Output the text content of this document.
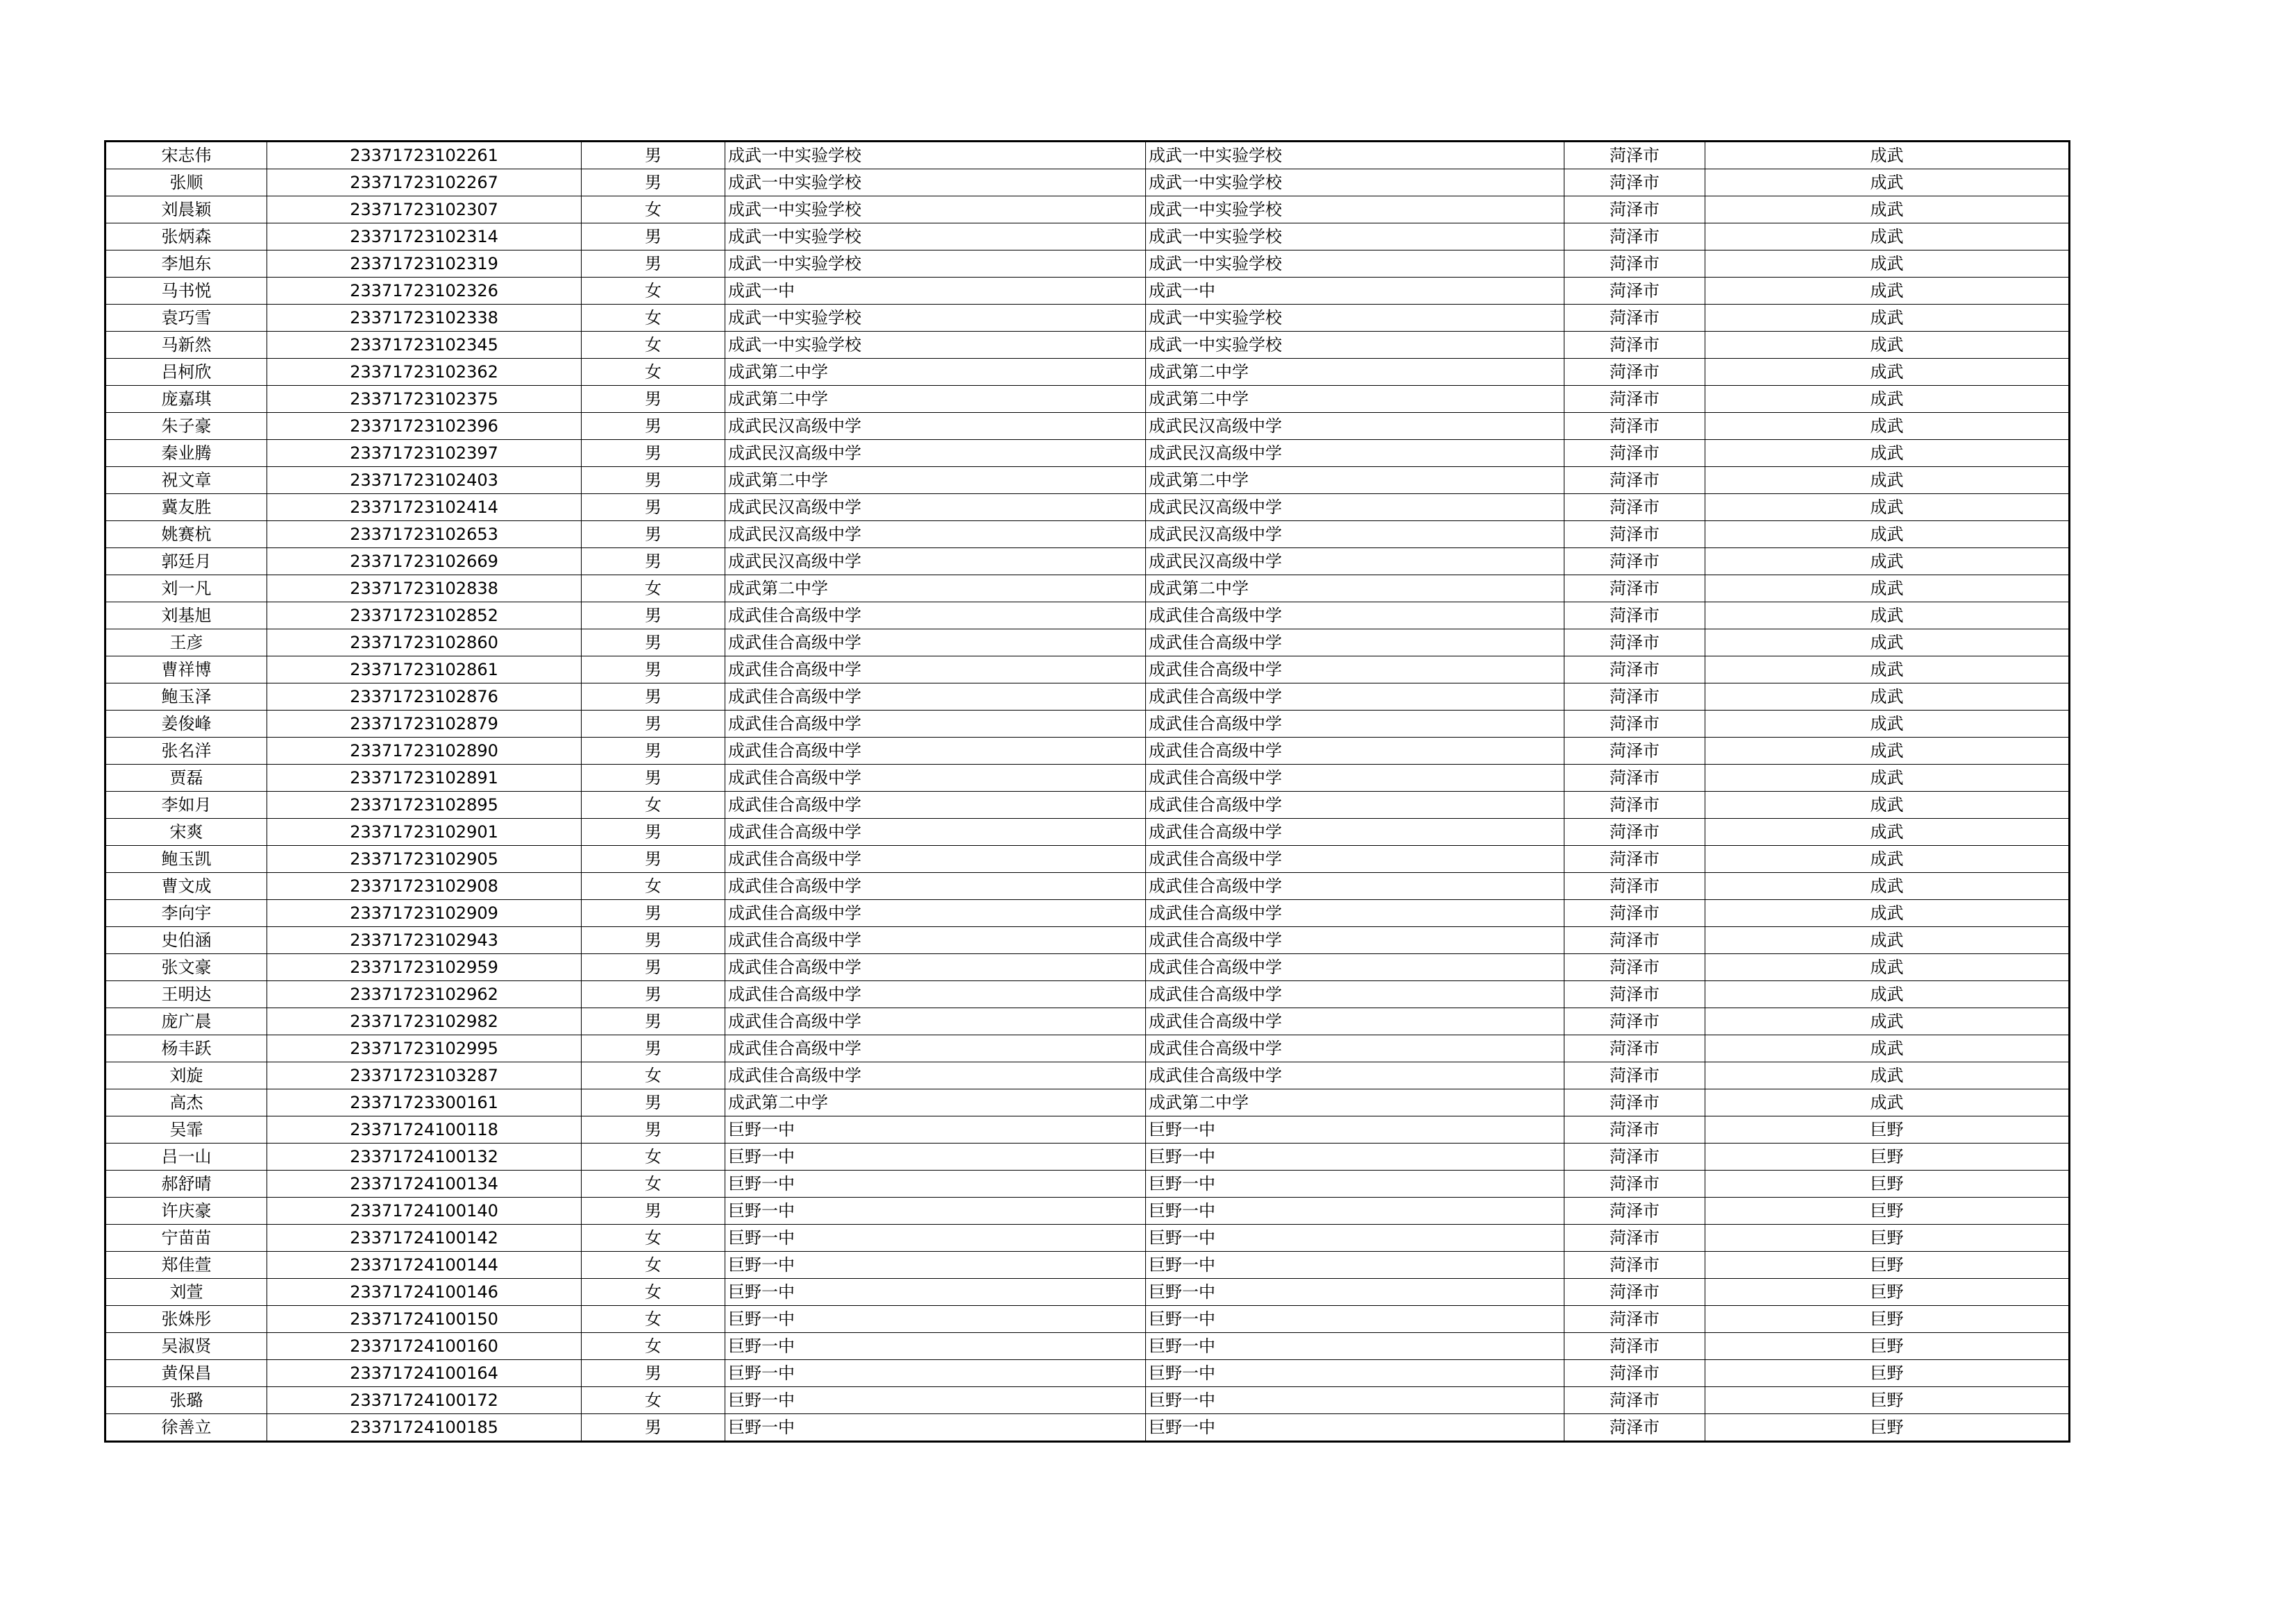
宋志伟	23371723102261	男	成武一中实验学校	成武一中实验学校	菏泽市	成武
张顺	23371723102267	男	成武一中实验学校	成武一中实验学校	菏泽市	成武
刘晨颖	23371723102307	女	成武一中实验学校	成武一中实验学校	菏泽市	成武
张炳森	23371723102314	男	成武一中实验学校	成武一中实验学校	菏泽市	成武
李旭东	23371723102319	男	成武一中实验学校	成武一中实验学校	菏泽市	成武
马书悦	23371723102326	女	成武一中	成武一中	菏泽市	成武
袁巧雪	23371723102338	女	成武一中实验学校	成武一中实验学校	菏泽市	成武
马新然	23371723102345	女	成武一中实验学校	成武一中实验学校	菏泽市	成武
吕柯欣	23371723102362	女	成武第二中学	成武第二中学	菏泽市	成武
庞嘉琪	23371723102375	男	成武第二中学	成武第二中学	菏泽市	成武
朱子豪	23371723102396	男	成武民汉高级中学	成武民汉高级中学	菏泽市	成武
秦业腾	23371723102397	男	成武民汉高级中学	成武民汉高级中学	菏泽市	成武
祝文章	23371723102403	男	成武第二中学	成武第二中学	菏泽市	成武
冀友胜	23371723102414	男	成武民汉高级中学	成武民汉高级中学	菏泽市	成武
姚赛杭	23371723102653	男	成武民汉高级中学	成武民汉高级中学	菏泽市	成武
郭廷月	23371723102669	男	成武民汉高级中学	成武民汉高级中学	菏泽市	成武
刘一凡	23371723102838	女	成武第二中学	成武第二中学	菏泽市	成武
刘基旭	23371723102852	男	成武佳合高级中学	成武佳合高级中学	菏泽市	成武
王彦	23371723102860	男	成武佳合高级中学	成武佳合高级中学	菏泽市	成武
曹祥博	23371723102861	男	成武佳合高级中学	成武佳合高级中学	菏泽市	成武
鲍玉泽	23371723102876	男	成武佳合高级中学	成武佳合高级中学	菏泽市	成武
姜俊峰	23371723102879	男	成武佳合高级中学	成武佳合高级中学	菏泽市	成武
张名洋	23371723102890	男	成武佳合高级中学	成武佳合高级中学	菏泽市	成武
贾磊	23371723102891	男	成武佳合高级中学	成武佳合高级中学	菏泽市	成武
李如月	23371723102895	女	成武佳合高级中学	成武佳合高级中学	菏泽市	成武
宋爽	23371723102901	男	成武佳合高级中学	成武佳合高级中学	菏泽市	成武
鲍玉凯	23371723102905	男	成武佳合高级中学	成武佳合高级中学	菏泽市	成武
曹文成	23371723102908	女	成武佳合高级中学	成武佳合高级中学	菏泽市	成武
李向宇	23371723102909	男	成武佳合高级中学	成武佳合高级中学	菏泽市	成武
史伯涵	23371723102943	男	成武佳合高级中学	成武佳合高级中学	菏泽市	成武
张文豪	23371723102959	男	成武佳合高级中学	成武佳合高级中学	菏泽市	成武
王明达	23371723102962	男	成武佳合高级中学	成武佳合高级中学	菏泽市	成武
庞广晨	23371723102982	男	成武佳合高级中学	成武佳合高级中学	菏泽市	成武
杨丰跃	23371723102995	男	成武佳合高级中学	成武佳合高级中学	菏泽市	成武
刘旋	23371723103287	女	成武佳合高级中学	成武佳合高级中学	菏泽市	成武
高杰	23371723300161	男	成武第二中学	成武第二中学	菏泽市	成武
吴霏	23371724100118	男	巨野一中	巨野一中	菏泽市	巨野
吕一山	23371724100132	女	巨野一中	巨野一中	菏泽市	巨野
郝舒晴	23371724100134	女	巨野一中	巨野一中	菏泽市	巨野
许庆豪	23371724100140	男	巨野一中	巨野一中	菏泽市	巨野
宁苗苗	23371724100142	女	巨野一中	巨野一中	菏泽市	巨野
郑佳萱	23371724100144	女	巨野一中	巨野一中	菏泽市	巨野
刘萱	23371724100146	女	巨野一中	巨野一中	菏泽市	巨野
张姝彤	23371724100150	女	巨野一中	巨野一中	菏泽市	巨野
吴淑贤	23371724100160	女	巨野一中	巨野一中	菏泽市	巨野
黄保昌	23371724100164	男	巨野一中	巨野一中	菏泽市	巨野
张璐	23371724100172	女	巨野一中	巨野一中	菏泽市	巨野
徐善立	23371724100185	男	巨野一中	巨野一中	菏泽市	巨野
